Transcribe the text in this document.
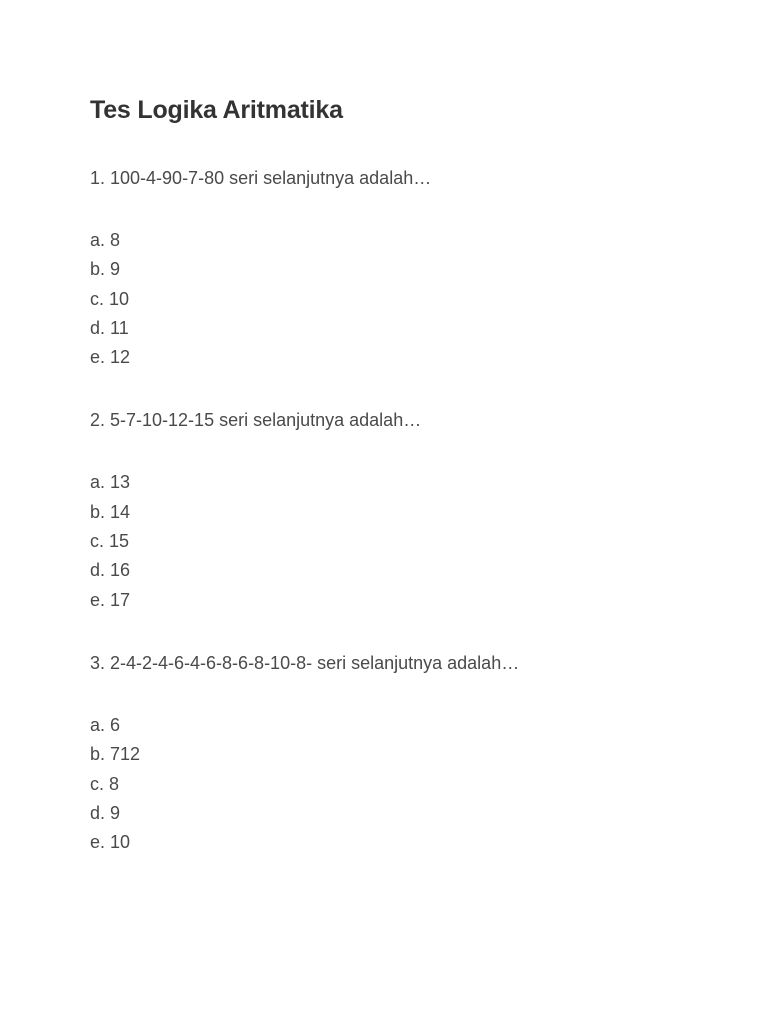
Tes Logika Aritmatika

1. 100-4-90-7-80 seri selanjutnya adalah…

a. 8
b. 9
c. 10
d. 11
e. 12

2. 5-7-10-12-15 seri selanjutnya adalah…

a. 13
b. 14
c. 15
d. 16
e. 17

3. 2-4-2-4-6-4-6-8-6-8-10-8- seri selanjutnya adalah…

a. 6
b. 712
c. 8
d. 9
e. 10
